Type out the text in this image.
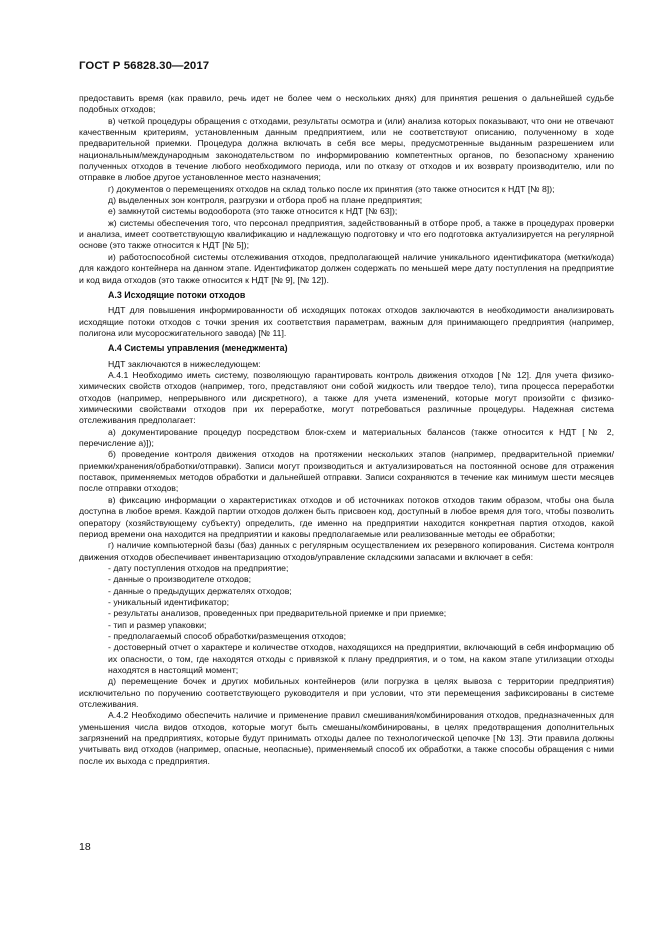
ГОСТ Р 56828.30—2017

предоставить время (как правило, речь идет не более чем о нескольких днях) для принятия решения о дальнейшей судьбе подобных отходов;

в) четкой процедуры обращения с отходами, результаты осмотра и (или) анализа которых показывают, что они не отвечают качественным критериям, установленным данным предприятием, или не соответствуют описанию, полученному в ходе предварительной приемки. Процедура должна включать в себя все меры, предусмотренные выданным разрешением или национальным/международным законодательством по информированию компетентных органов, по безопасному хранению полученных отходов в течение любого необходимого периода, или по отказу от отходов и их возврату производителю, или по отправке в любое другое установленное место назначения;

г) документов о перемещениях отходов на склад только после их принятия (это также относится к НДТ [№ 8]);

д) выделенных зон контроля, разгрузки и отбора проб на плане предприятия;

е) замкнутой системы водооборота (это также относится к НДТ [№ 63]);

ж) системы обеспечения того, что персонал предприятия, задействованный в отборе проб, а также в процедурах проверки и анализа, имеет соответствующую квалификацию и надлежащую подготовку и что его подготовка актуализируется на регулярной основе (это также относится к НДТ [№ 5]);

и) работоспособной системы отслеживания отходов, предполагающей наличие уникального идентификатора (метки/кода) для каждого контейнера на данном этапе. Идентификатор должен содержать по меньшей мере дату поступления на предприятие и код вида отходов (это также относится к НДТ [№ 9], [№ 12]).

А.3 Исходящие потоки отходов

НДТ для повышения информированности об исходящих потоках отходов заключаются в необходимости анализировать исходящие потоки отходов с точки зрения их соответствия параметрам, важным для принимающего предприятия (например, полигона или мусоросжигательного завода) [№ 11].

А.4 Системы управления (менеджмента)

НДТ заключаются в нижеследующем:

А.4.1 Необходимо иметь систему, позволяющую гарантировать контроль движения отходов [№ 12]. Для учета физико-химических свойств отходов (например, того, представляют они собой жидкость или твердое тело), типа процесса переработки отходов (например, непрерывного или дискретного), а также для учета изменений, которые могут произойти с физико-химическими свойствами отходов при их переработке, могут потребоваться различные процедуры. Надежная система отслеживания предполагает:

а) документирование процедур посредством блок-схем и материальных балансов (также относится к НДТ [№ 2, перечисление а)]);

б) проведение контроля движения отходов на протяжении нескольких этапов (например, предварительной приемки/приемки/хранения/обработки/отправки). Записи могут производиться и актуализироваться на постоянной основе для отражения поставок, применяемых методов обработки и дальнейшей отправки. Записи сохраняются в течение как минимум шести месяцев после отправки отходов;

в) фиксацию информации о характеристиках отходов и об источниках потоков отходов таким образом, чтобы она была доступна в любое время. Каждой партии отходов должен быть присвоен код, доступный в любое время для того, чтобы позволить оператору (хозяйствующему субъекту) определить, где именно на предприятии находится конкретная партия отходов, какой период времени она находится на предприятии и каковы предполагаемые или реализованные методы ее обработки;

г) наличие компьютерной базы (баз) данных с регулярным осуществлением их резервного копирования. Система контроля движения отходов обеспечивает инвентаризацию отходов/управление складскими запасами и включает в себя:

- дату поступления отходов на предприятие;
- данные о производителе отходов;
- данные о предыдущих держателях отходов;
- уникальный идентификатор;
- результаты анализов, проведенных при предварительной приемке и при приемке;
- тип и размер упаковки;
- предполагаемый способ обработки/размещения отходов;
- достоверный отчет о характере и количестве отходов, находящихся на предприятии, включающий в себя информацию об их опасности, о том, где находятся отходы с привязкой к плану предприятия, и о том, на каком этапе утилизации отходы находятся в настоящий момент;

д) перемещение бочек и других мобильных контейнеров (или погрузка в целях вывоза с территории предприятия) исключительно по поручению соответствующего руководителя и при условии, что эти перемещения зафиксированы в системе отслеживания.

А.4.2 Необходимо обеспечить наличие и применение правил смешивания/комбинирования отходов, предназначенных для уменьшения числа видов отходов, которые могут быть смешаны/комбинированы, в целях предотвращения дополнительных загрязнений на предприятиях, которые будут принимать отходы далее по технологической цепочке [№ 13]. Эти правила должны учитывать вид отходов (например, опасные, неопасные), применяемый способ их обработки, а также способы обращения с ними после их выхода с предприятия.

18
